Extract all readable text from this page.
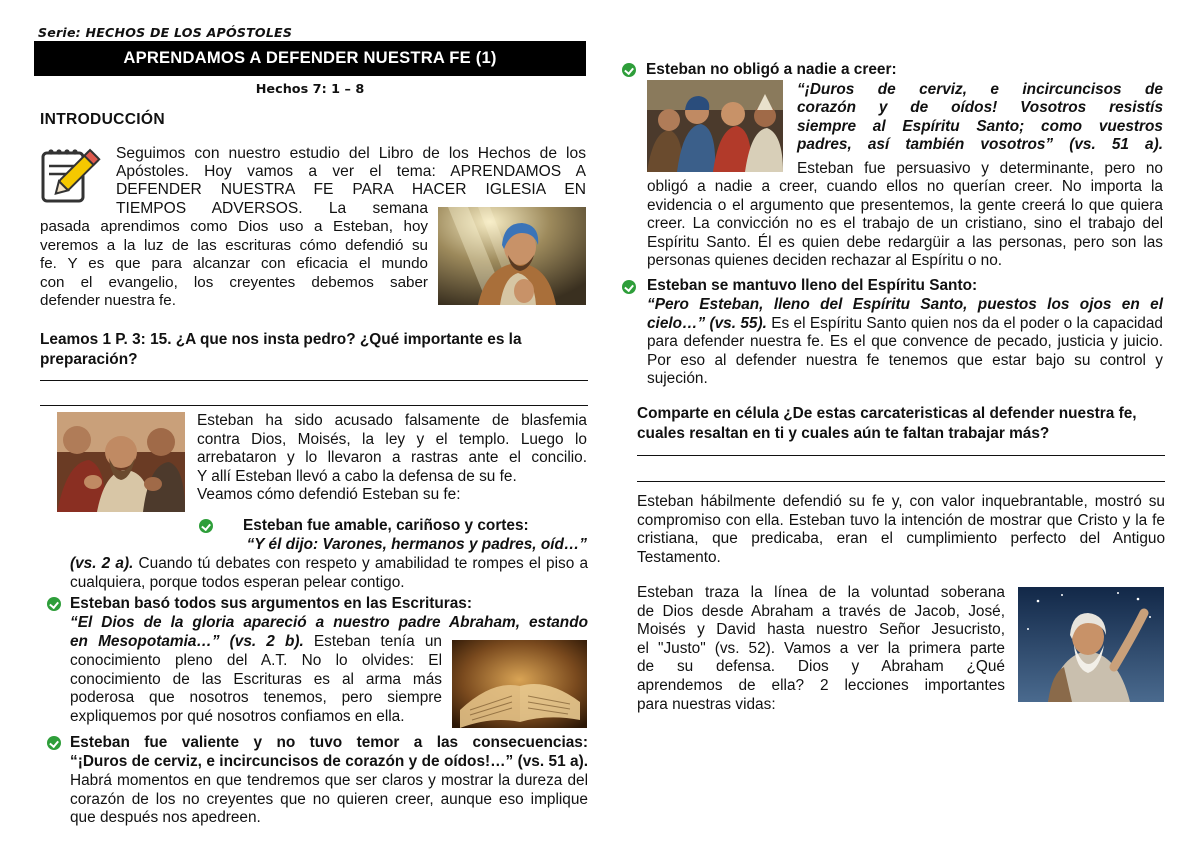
Serie: HECHOS DE LOS APÓSTOLES
APRENDAMOS A DEFENDER NUESTRA FE (1)
Hechos 7: 1 – 8
INTRODUCCIÓN
Seguimos con nuestro estudio del Libro de los Hechos de los
Apóstoles. Hoy vamos a ver el tema: APRENDAMOS A
DEFENDER NUESTRA FE PARA HACER IGLESIA EN
TIEMPOS ADVERSOS. La semana
pasada aprendimos como Dios uso a Esteban, hoy
veremos a la luz de las escrituras cómo defendió su
fe. Y es que para alcanzar con eficacia el mundo
con el evangelio, los creyentes debemos saber
defender nuestra fe.
Leamos 1 P. 3: 15. ¿A que nos insta pedro? ¿Qué importante es la preparación?
Esteban ha sido acusado falsamente de blasfemia
contra Dios, Moisés, la ley y el templo. Luego lo
arrebataron y lo llevaron a rastras ante el concilio.
Y allí Esteban llevó a cabo la defensa de su fe.
Veamos cómo defendió Esteban su fe:
Esteban fue amable, cariñoso y cortes:
“Y él dijo: Varones, hermanos y padres, oíd…”
(vs. 2 a). Cuando tú debates con respeto y amabilidad te rompes el piso a cualquiera, porque todos esperan pelear contigo.
Esteban basó todos sus argumentos en las Escrituras:
“El Dios de la gloria apareció a nuestro padre Abraham, estando
en Mesopotamia…” (vs. 2 b). Esteban tenía un
conocimiento pleno del A.T. No lo olvides: El
conocimiento de las Escrituras es al arma más
poderosa que nosotros tenemos, pero siempre
expliquemos por qué nosotros confiamos en ella.
Esteban fue valiente y no tuvo temor a las consecuencias:
“¡Duros de cerviz, e incircuncisos de corazón y de oídos!…” (vs. 51 a). Habrá momentos en que tendremos que ser claros y mostrar la dureza del corazón de los no creyentes que no quieren creer, aunque eso implique que después nos apedreen.
Esteban no obligó a nadie a creer:
“¡Duros de cerviz, e incircuncisos de
corazón y de oídos! Vosotros resistís
siempre al Espíritu Santo; como vuestros
padres, así también vosotros” (vs. 51 a).
Esteban fue persuasivo y determinante, pero no
obligó a nadie a creer, cuando ellos no querían creer. No importa la evidencia o el argumento que presentemos, la gente creerá lo que quiera creer. La convicción no es el trabajo de un cristiano, sino el trabajo del Espíritu Santo. Él es quien debe redargüir a las personas, pero son las personas quienes deciden rechazar al Espíritu o no.
Esteban se mantuvo lleno del Espíritu Santo:
“Pero Esteban, lleno del Espíritu Santo, puestos los ojos en el cielo…” (vs. 55). Es el Espíritu Santo quien nos da el poder o la capacidad para defender nuestra fe. Es el que convence de pecado, justicia y juicio. Por eso al defender nuestra fe tenemos que estar bajo su control y sujeción.
Comparte en célula ¿De estas carcateristicas al defender nuestra fe, cuales resaltan en ti y cuales aún te faltan trabajar más?
Esteban hábilmente defendió su fe y, con valor inquebrantable, mostró su compromiso con ella. Esteban tuvo la intención de mostrar que Cristo y la fe cristiana, que predicaba, eran el cumplimiento perfecto del Antiguo Testamento.
Esteban traza la línea de la voluntad soberana
de Dios desde Abraham a través de Jacob, José,
Moisés y David hasta nuestro Señor Jesucristo,
el "Justo" (vs. 52). Vamos a ver la primera parte
de su defensa. Dios y Abraham ¿Qué
aprendemos de ella? 2 lecciones importantes
para nuestras vidas:
